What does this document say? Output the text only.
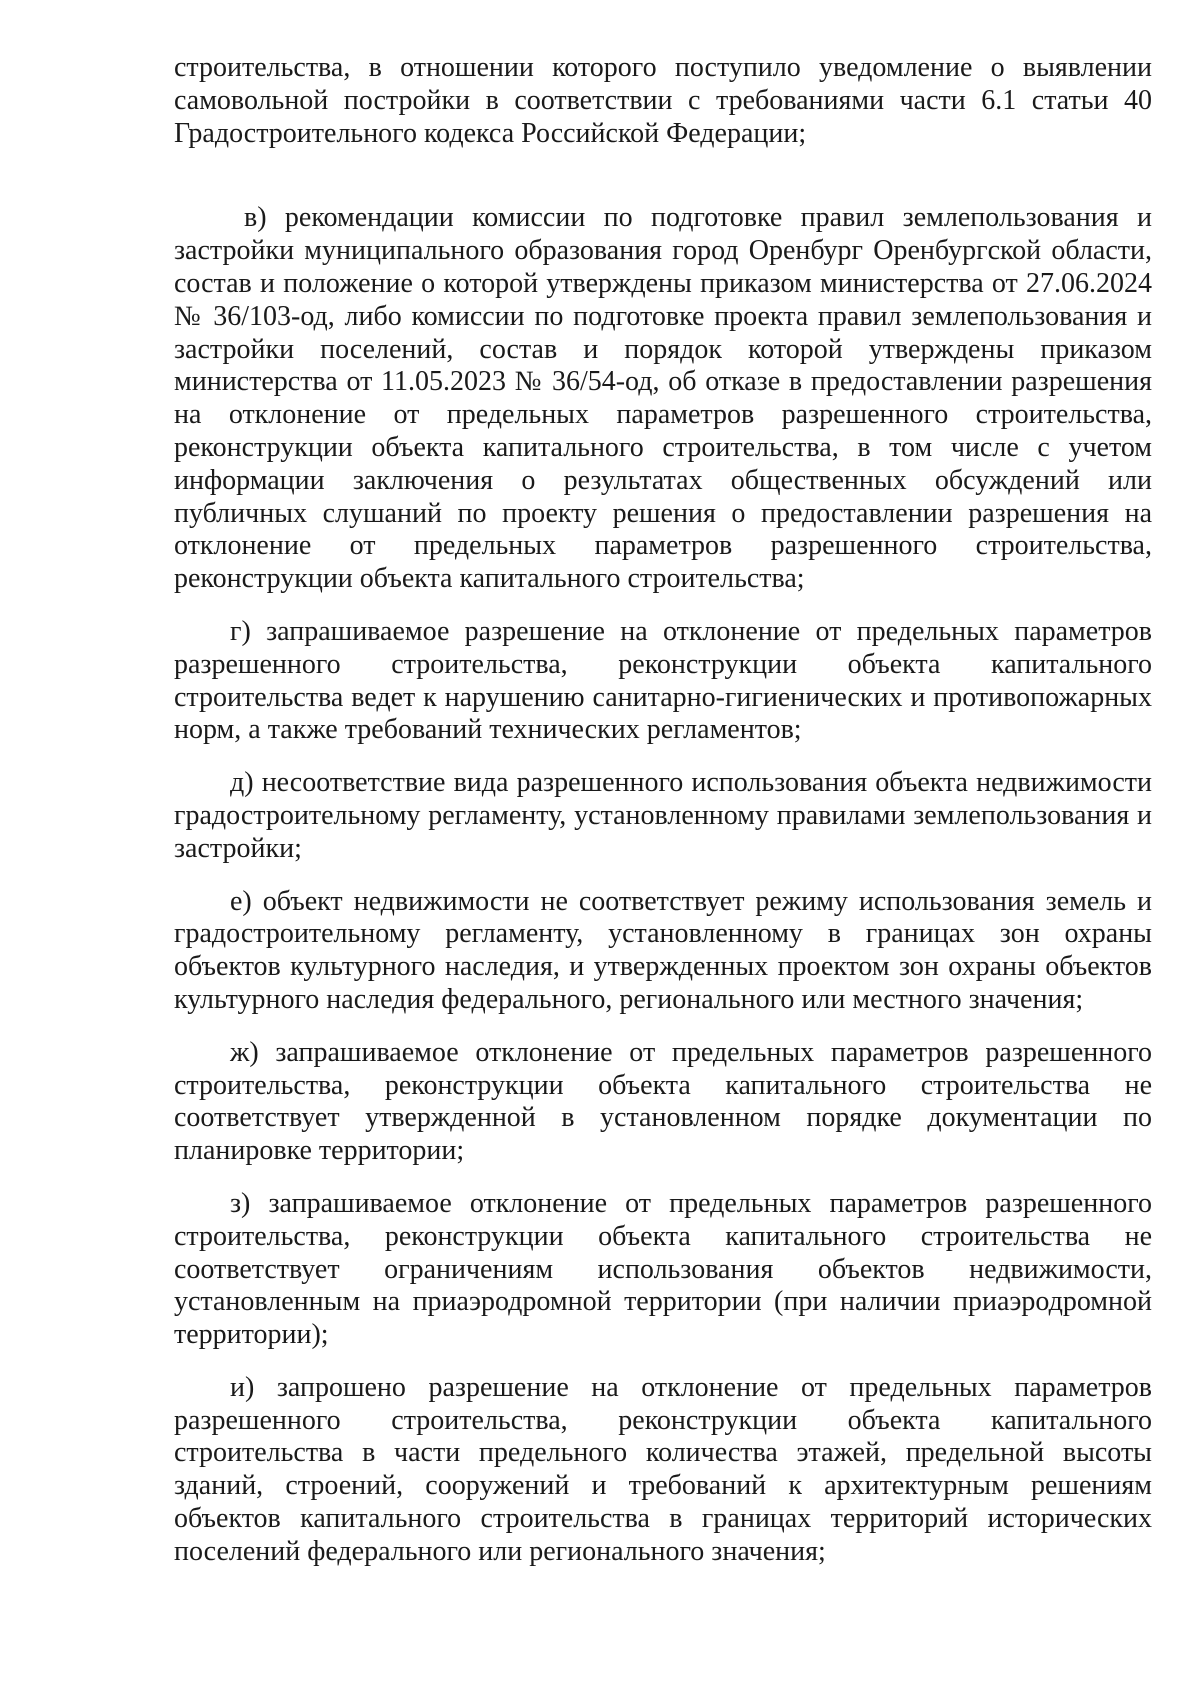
строительства, в отношении которого поступило уведомление о выявлении самовольной постройки в соответствии с требованиями части 6.1 статьи 40 Градостроительного кодекса Российской Федерации;

в) рекомендации комиссии по подготовке правил землепользования и застройки муниципального образования город Оренбург Оренбургской области, состав и положение о которой утверждены приказом министерства от 27.06.2024 № 36/103-од, либо комиссии по подготовке проекта правил землепользования и застройки поселений, состав и порядок которой утверждены приказом министерства от 11.05.2023 № 36/54-од, об отказе в предоставлении разрешения на отклонение от предельных параметров разрешенного строительства, реконструкции объекта капитального строительства, в том числе с учетом информации заключения о результатах общественных обсуждений или публичных слушаний по проекту решения о предоставлении разрешения на отклонение от предельных параметров разрешенного строительства, реконструкции объекта капитального строительства;

г) запрашиваемое разрешение на отклонение от предельных параметров разрешенного строительства, реконструкции объекта капитального строительства ведет к нарушению санитарно-гигиенических и противопожарных норм, а также требований технических регламентов;

д) несоответствие вида разрешенного использования объекта недвижимости градостроительному регламенту, установленному правилами землепользования и застройки;

е) объект недвижимости не соответствует режиму использования земель и градостроительному регламенту, установленному в границах зон охраны объектов культурного наследия, и утвержденных проектом зон охраны объектов культурного наследия федерального, регионального или местного значения;

ж) запрашиваемое отклонение от предельных параметров разрешенного строительства, реконструкции объекта капитального строительства не соответствует утвержденной в установленном порядке документации по планировке территории;

з) запрашиваемое отклонение от предельных параметров разрешенного строительства, реконструкции объекта капитального строительства не соответствует ограничениям использования объектов недвижимости, установленным на приаэродромной территории (при наличии приаэродромной территории);

и) запрошено разрешение на отклонение от предельных параметров разрешенного строительства, реконструкции объекта капитального строительства в части предельного количества этажей, предельной высоты зданий, строений, сооружений и требований к архитектурным решениям объектов капитального строительства в границах территорий исторических поселений федерального или регионального значения;
